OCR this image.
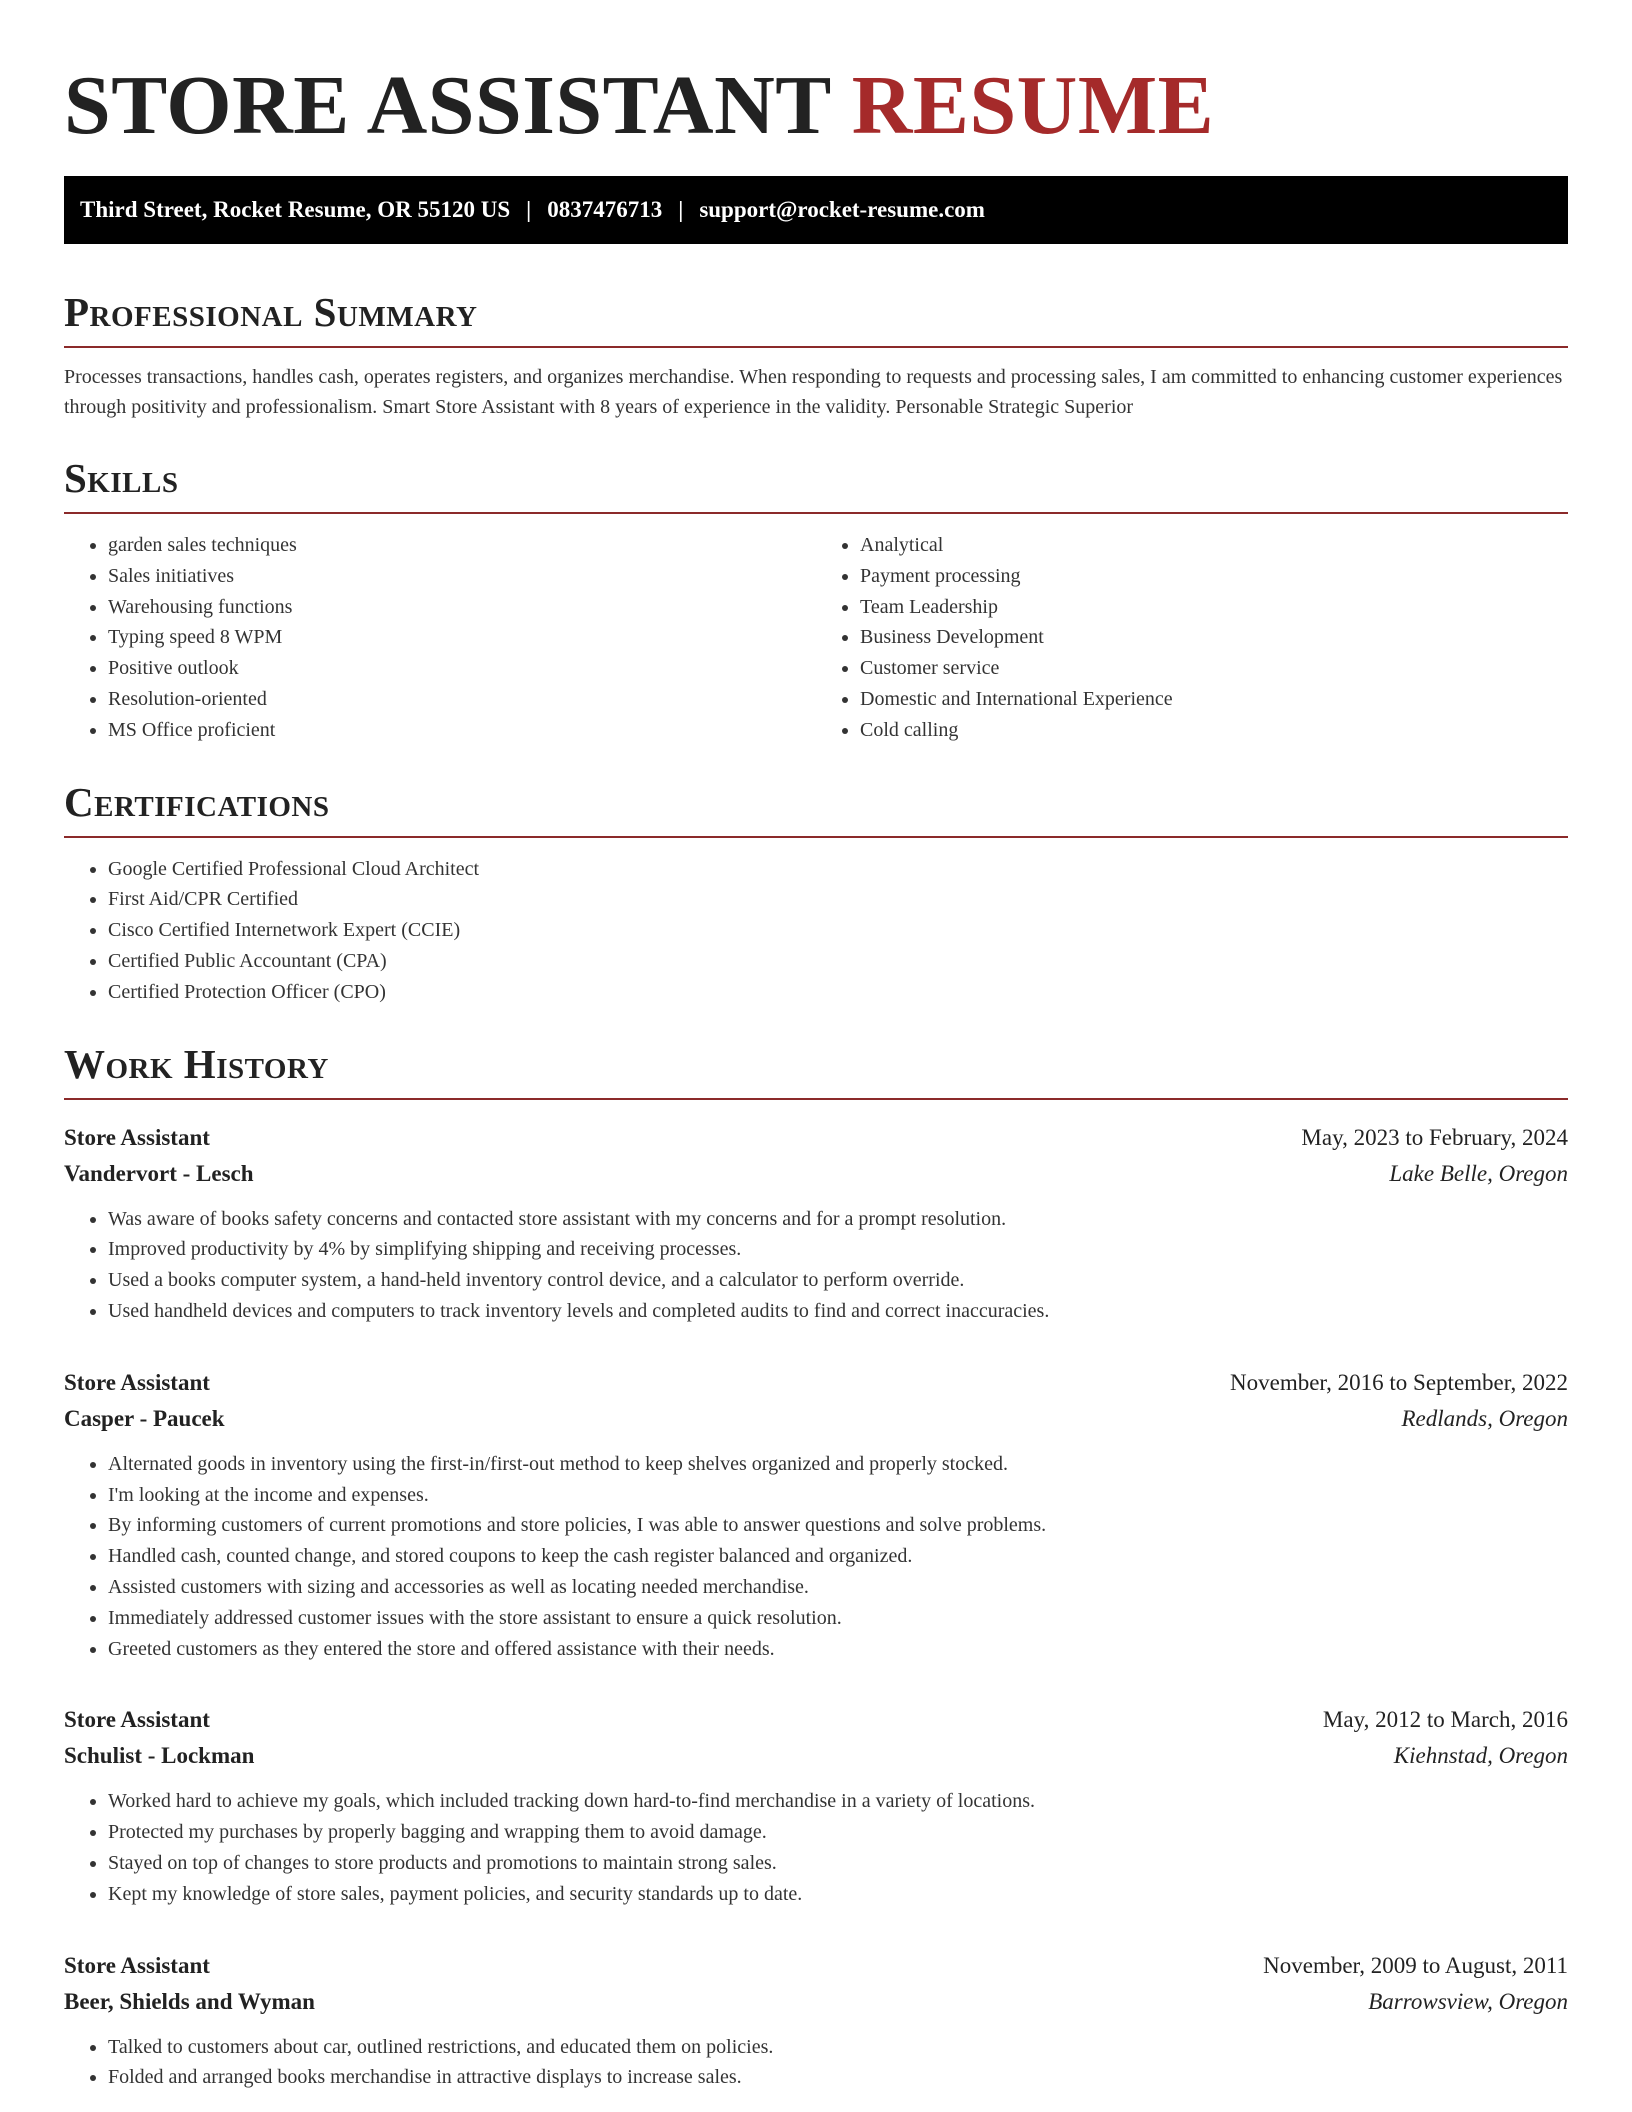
STORE ASSISTANT RESUME
Third Street, Rocket Resume, OR 55120 US | 0837476713 | support@rocket-resume.com
Professional Summary

Processes transactions, handles cash, operates registers, and organizes merchandise. When responding to requests and processing sales, I am committed to enhancing customer experiences through positivity and professionalism. Smart Store Assistant with 8 years of experience in the validity. Personable Strategic Superior

Skills
• garden sales techniques
• Sales initiatives
• Warehousing functions
• Typing speed 8 WPM
• Positive outlook
• Resolution-oriented
• MS Office proficient
• Analytical
• Payment processing
• Team Leadership
• Business Development
• Customer service
• Domestic and International Experience
• Cold calling
Certifications
• Google Certified Professional Cloud Architect
• First Aid/CPR Certified
• Cisco Certified Internetwork Expert (CCIE)
• Certified Public Accountant (CPA)
• Certified Protection Officer (CPO)
Work History
Store Assistant	May, 2023 to February, 2024
Vandervort - Lesch	Lake Belle, Oregon
• Was aware of books safety concerns and contacted store assistant with my concerns and for a prompt resolution.
• Improved productivity by 4% by simplifying shipping and receiving processes.
• Used a books computer system, a hand-held inventory control device, and a calculator to perform override.
• Used handheld devices and computers to track inventory levels and completed audits to find and correct inaccuracies.
Store Assistant	November, 2016 to September, 2022
Casper - Paucek	Redlands, Oregon
• Alternated goods in inventory using the first-in/first-out method to keep shelves organized and properly stocked.
• I'm looking at the income and expenses.
• By informing customers of current promotions and store policies, I was able to answer questions and solve problems.
• Handled cash, counted change, and stored coupons to keep the cash register balanced and organized.
• Assisted customers with sizing and accessories as well as locating needed merchandise.
• Immediately addressed customer issues with the store assistant to ensure a quick resolution.
• Greeted customers as they entered the store and offered assistance with their needs.
Store Assistant	May, 2012 to March, 2016
Schulist - Lockman	Kiehnstad, Oregon
• Worked hard to achieve my goals, which included tracking down hard-to-find merchandise in a variety of locations.
• Protected my purchases by properly bagging and wrapping them to avoid damage.
• Stayed on top of changes to store products and promotions to maintain strong sales.
• Kept my knowledge of store sales, payment policies, and security standards up to date.
Store Assistant	November, 2009 to August, 2011
Beer, Shields and Wyman	Barrowsview, Oregon
• Talked to customers about car, outlined restrictions, and educated them on policies.
• Folded and arranged books merchandise in attractive displays to increase sales.
